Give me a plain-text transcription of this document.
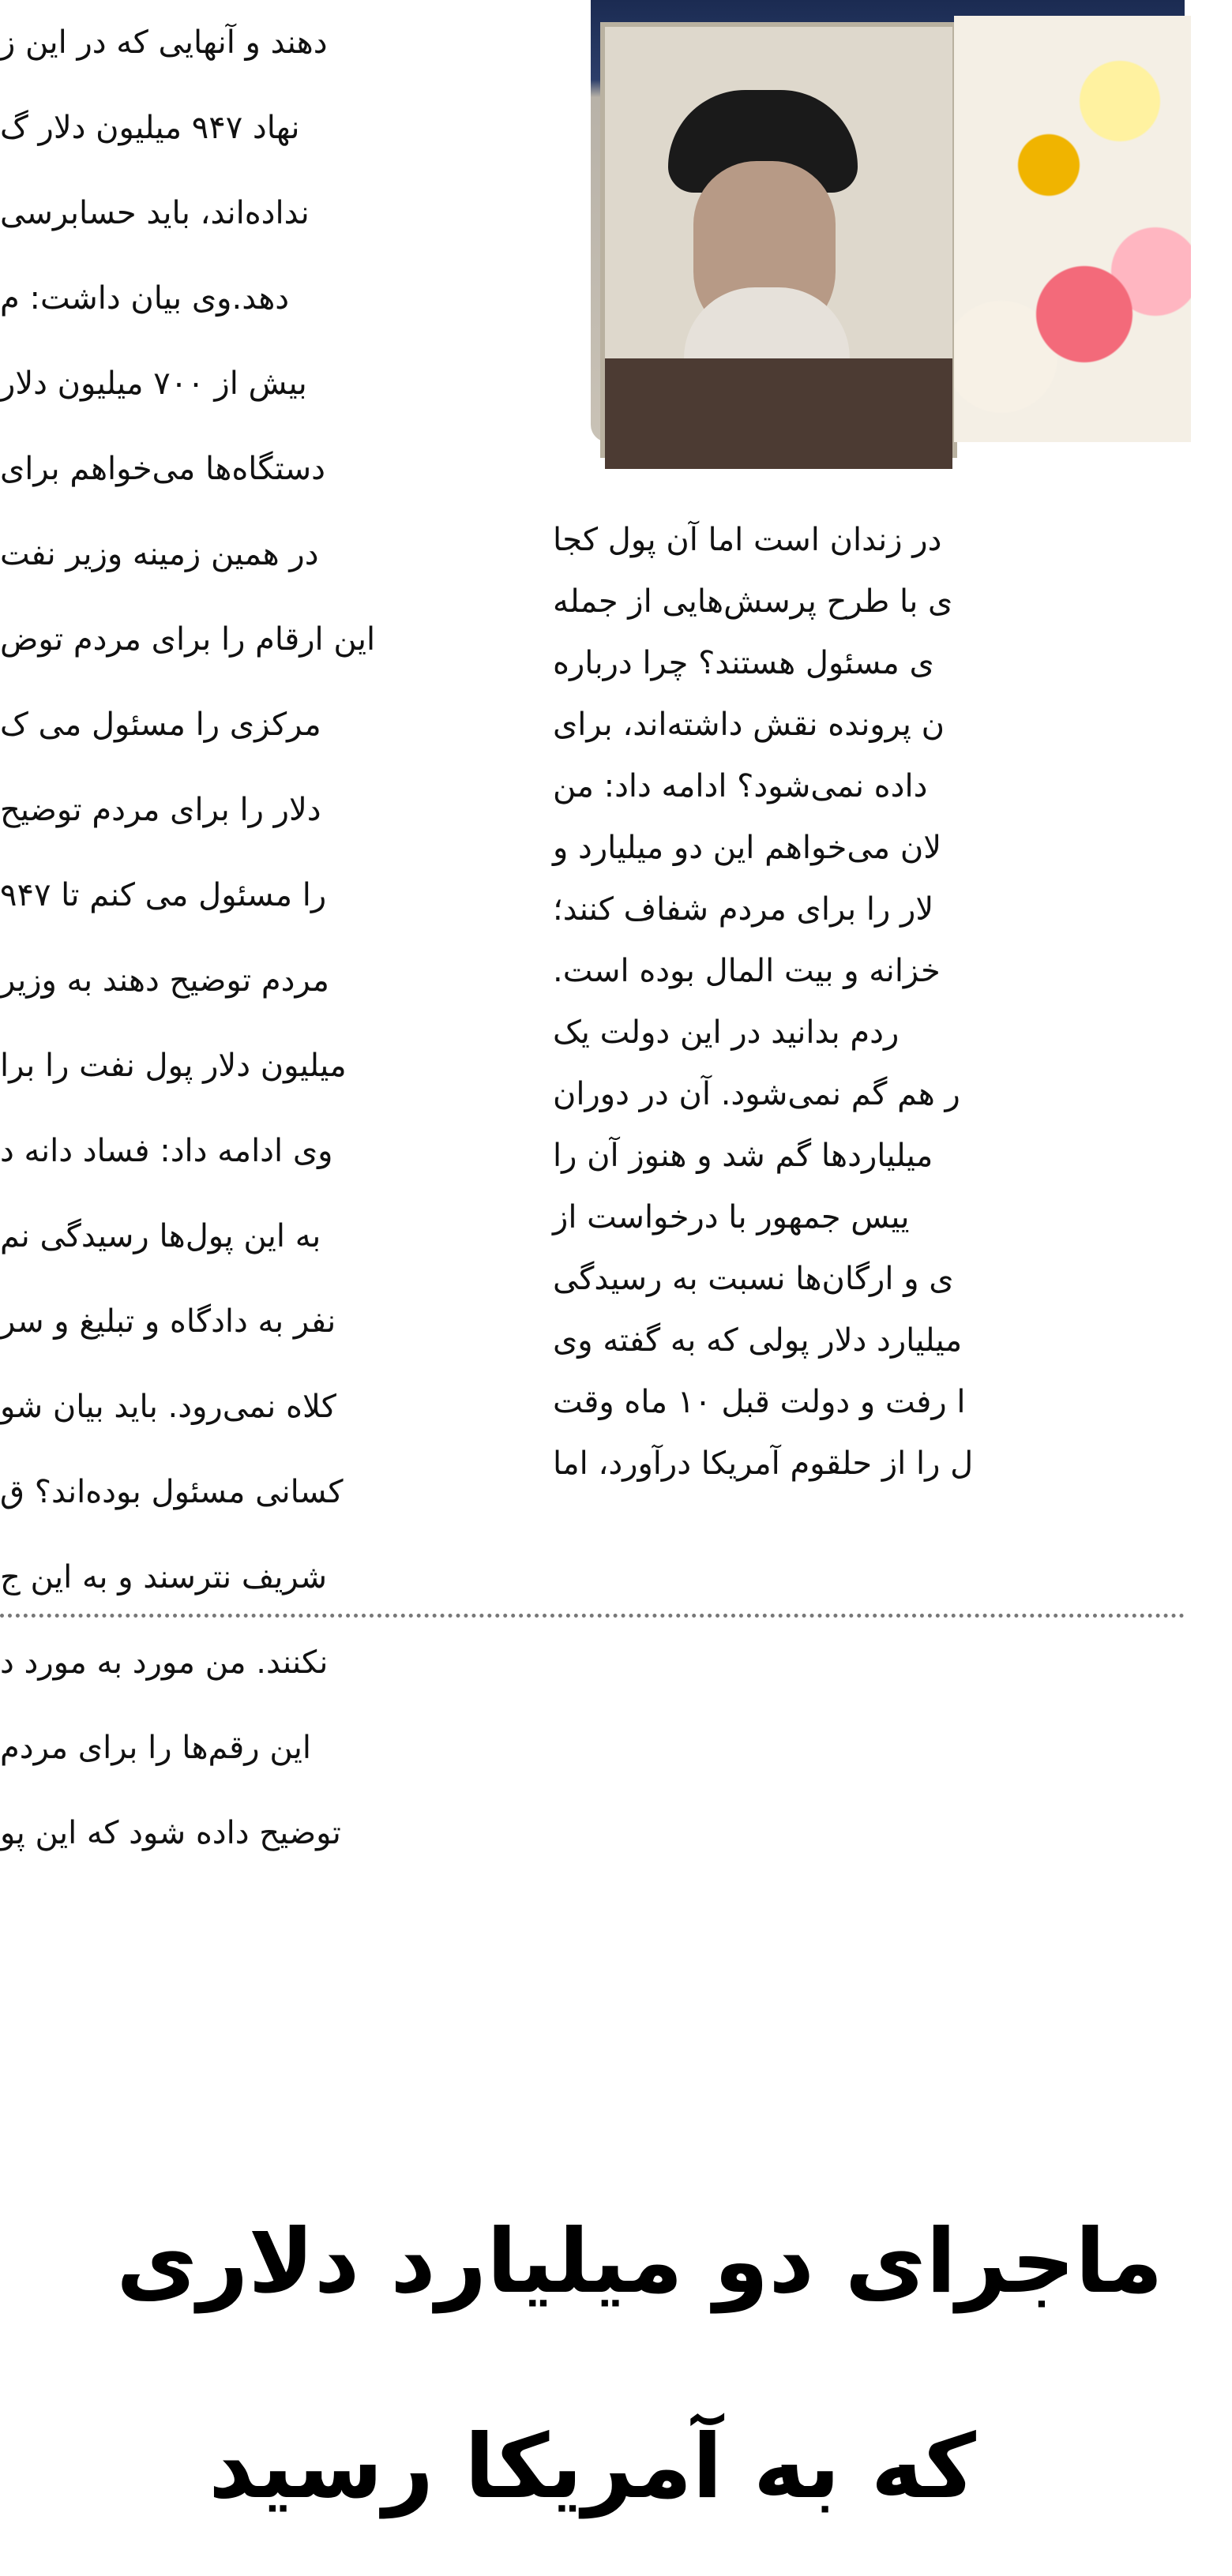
دهند و آنهایی که در این ز
نهاد ۹۴۷ میلیون دلار گ
نداده‌اند، باید حسابرسی
دهد.وی بیان داشت: م
بیش از ۷۰۰ میلیون دلار
دستگاه‌ها می‌خواهم برای
در همین زمینه وزیر نفت
این ارقام را برای مردم توض
مرکزی را مسئول می ک
دلار را برای مردم توضیح
را مسئول می کنم تا ۹۴۷
مردم توضیح دهند به وزیر
میلیون دلار پول نفت را برا
وی ادامه داد: فساد دانه د
به این پول‌ها رسیدگی نم
نفر به دادگاه و تبلیغ و سر
کلاه نمی‌رود. باید بیان شو
کسانی مسئول بوده‌اند؟ ق
شریف نترسند و به این ج
نکنند. من مورد به مورد د
این رقم‌ها را برای مردم
توضیح داده شود که این پو
در زندان است اما آن پول کجا
ی با طرح پرسش‌هایی از جمله
ی مسئول هستند؟ چرا درباره
ن پرونده نقش داشته‌اند، برای
داده نمی‌شود؟ ادامه داد: من
لان می‌خواهم این دو میلیارد و
لار را برای مردم شفاف کنند؛
خزانه و بیت المال بوده است.
ردم بدانید در این دولت یک
ر هم گم نمی‌شود. آن در دوران
میلیاردها گم شد و هنوز آن را
ییس جمهور با درخواست از
ی و ارگان‌ها نسبت به رسیدگی
میلیارد دلار پولی که به گفته وی
ا رفت و دولت قبل ۱۰ ماه وقت
ل را از حلقوم آمریکا درآورد، اما
ماجرای دو میلیارد دلاری
که به آمریکا رسید
